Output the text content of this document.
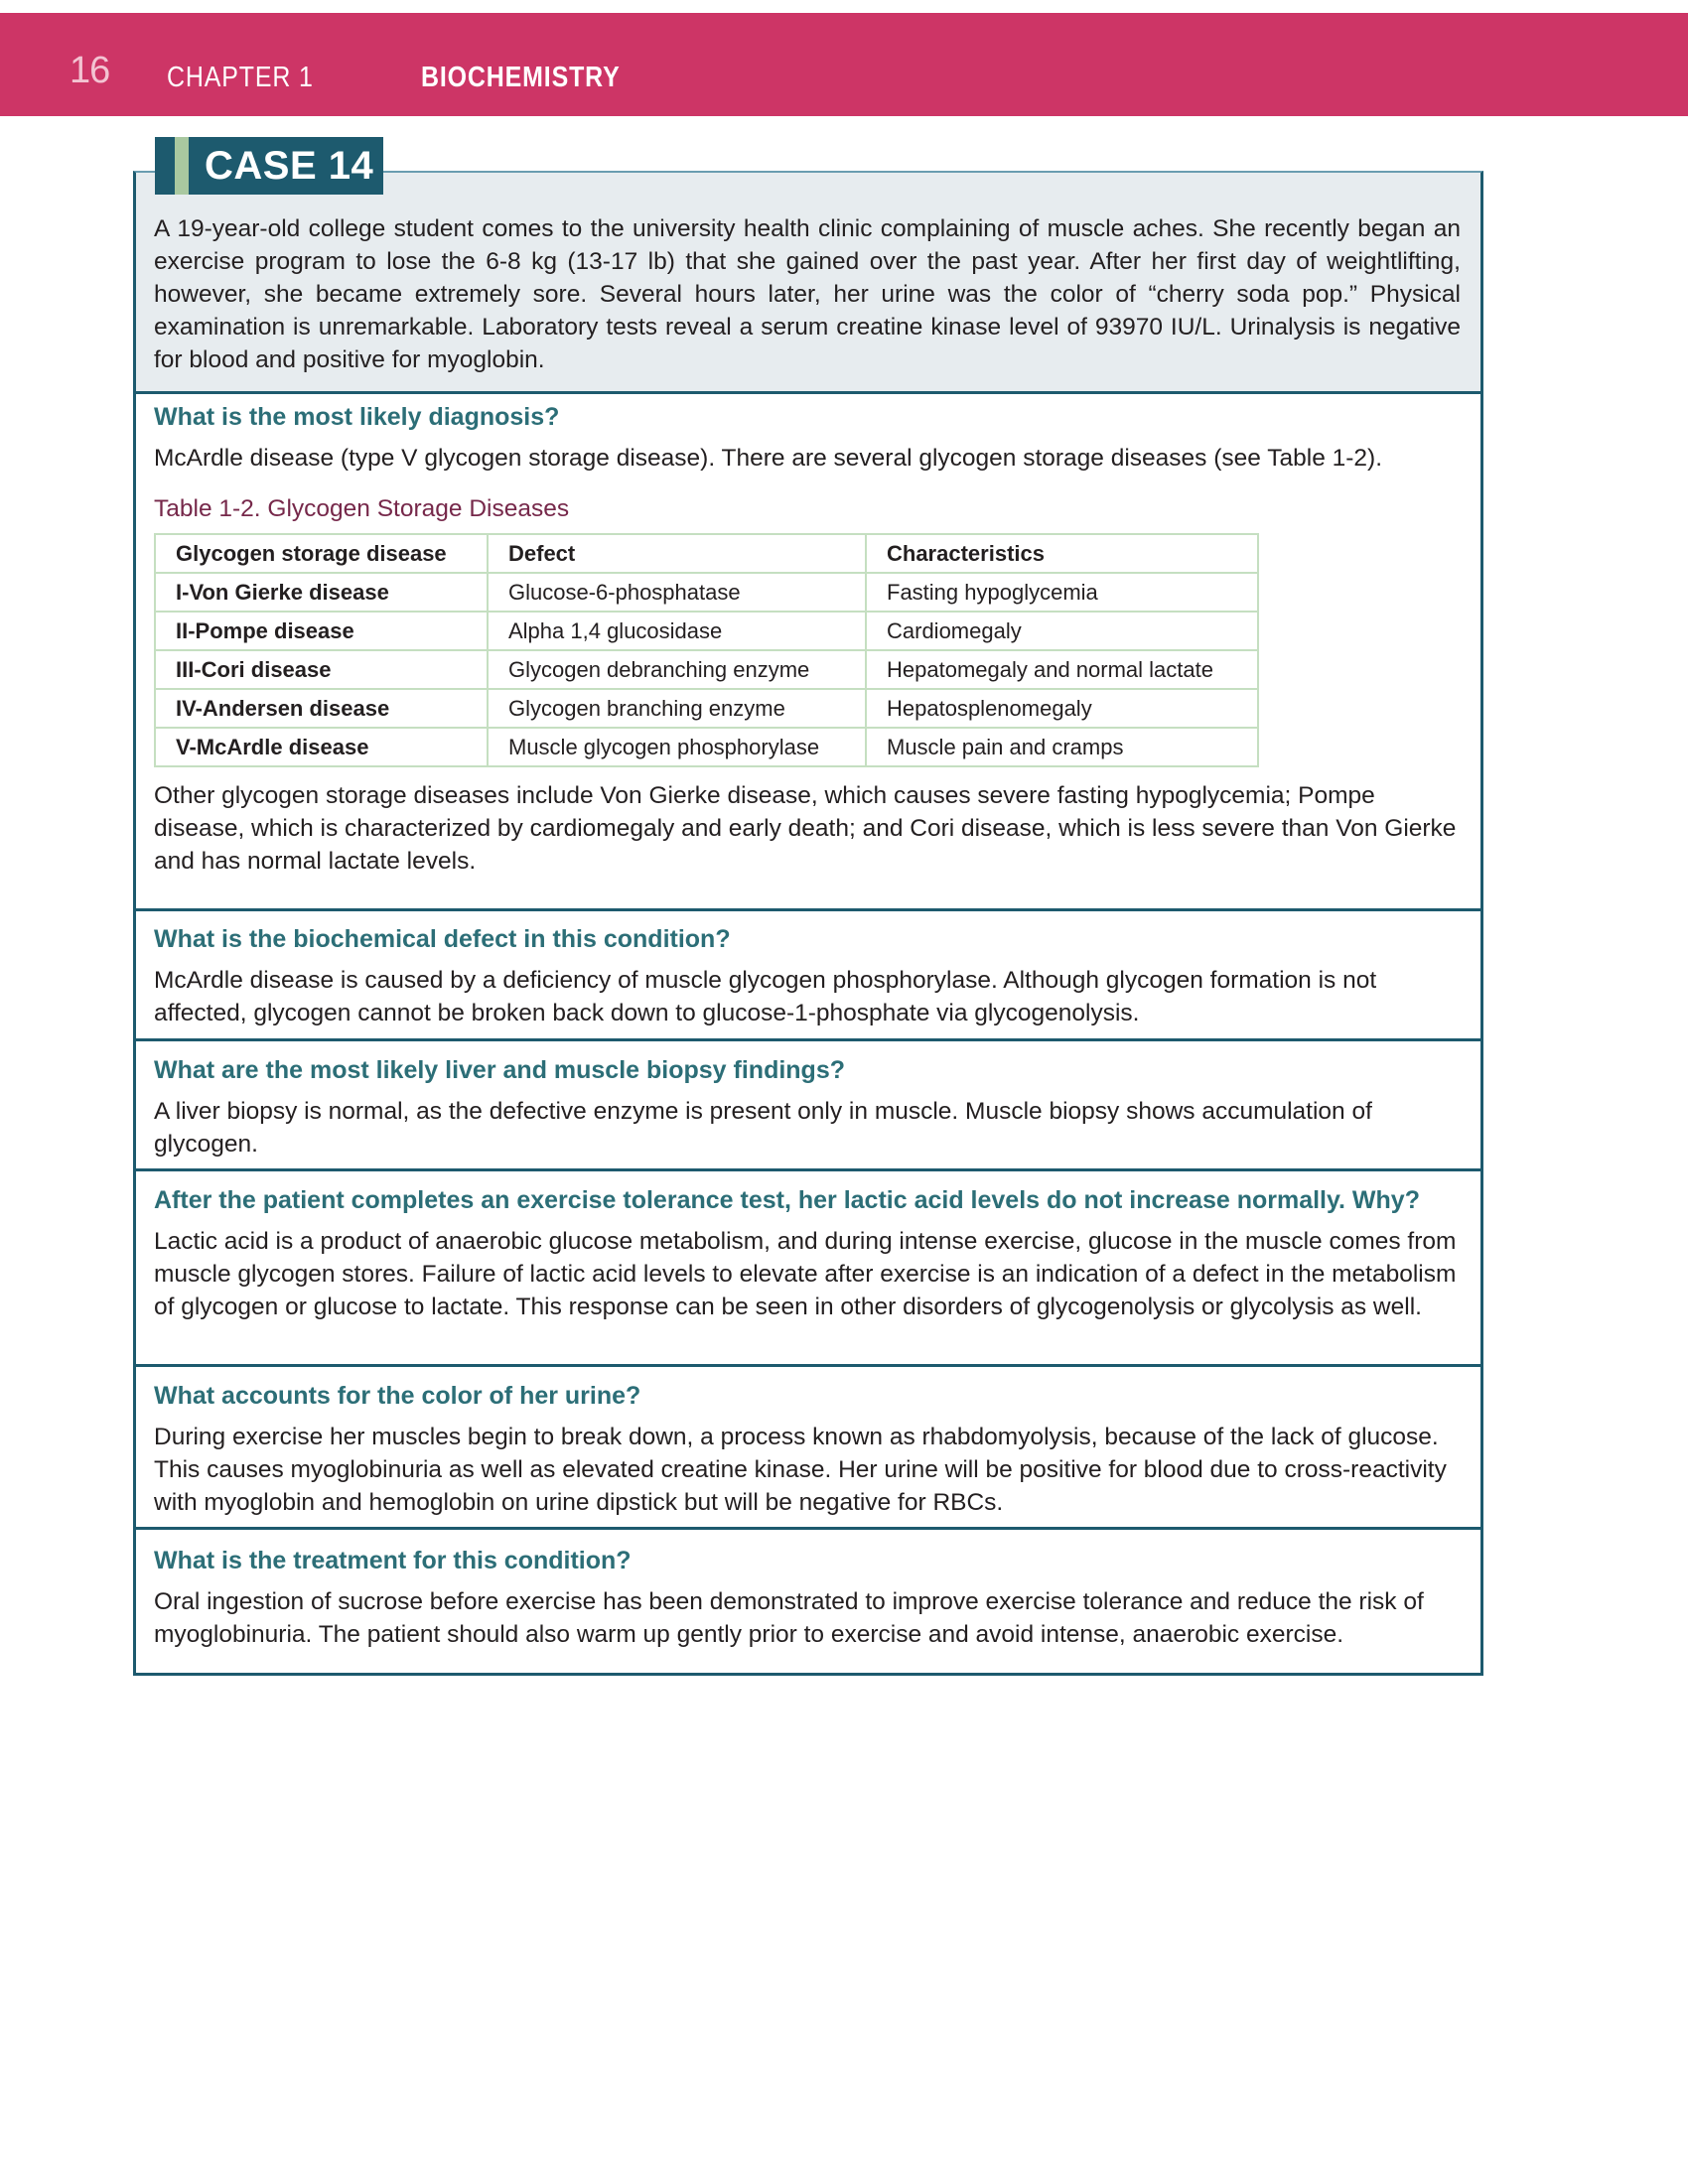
16 CHAPTER 1	BIOCHEMISTRY

A 19-year-old college student comes to the university health clinic complaining of muscle aches. She recently began an exercise program to lose the 6-8 kg (13-17 lb) that she gained over the past year. After her first day of weightlifting, however, she became extremely sore. Several hours later, her urine was the color of “cherry soda pop.” Physical examination is unremarkable. Laboratory tests reveal a serum creatine kinase level of 93970 IU/L. Urinalysis is negative for blood and positive for myoglobin.

CASE 14

What is the most likely diagnosis?

McArdle disease (type V glycogen storage disease). There are several glycogen storage diseases (see Table 1-2).

Table 1-2. Glycogen Storage Diseases

Glycogen storage disease	Defect	Characteristics
I-Von Gierke disease	Glucose-6-phosphatase	Fasting hypoglycemia
II-Pompe disease	Alpha 1,4 glucosidase	Cardiomegaly
III-Cori disease	Glycogen debranching enzyme	Hepatomegaly and normal lactate
IV-Andersen disease	Glycogen branching enzyme	Hepatosplenomegaly
V-McArdle disease	Muscle glycogen phosphorylase	Muscle pain and cramps

Other glycogen storage diseases include Von Gierke disease, which causes severe fasting hypoglycemia; Pompe disease, which is characterized by cardiomegaly and early death; and Cori disease, which is less severe than Von Gierke and has normal lactate levels.

What is the biochemical defect in this condition?

McArdle disease is caused by a deficiency of muscle glycogen phosphorylase. Although glycogen formation is not affected, glycogen cannot be broken back down to glucose-1-phosphate via glycogenolysis.

What are the most likely liver and muscle biopsy findings?

A liver biopsy is normal, as the defective enzyme is present only in muscle. Muscle biopsy shows accumulation of glycogen.

After the patient completes an exercise tolerance test, her lactic acid levels do not increase normally. Why?

Lactic acid is a product of anaerobic glucose metabolism, and during intense exercise, glucose in the muscle comes from muscle glycogen stores. Failure of lactic acid levels to elevate after exercise is an indication of a defect in the metabolism of glycogen or glucose to lactate. This response can be seen in other disorders of glycogenolysis or glycolysis as well.

What accounts for the color of her urine?

During exercise her muscles begin to break down, a process known as rhabdomyolysis, because of the lack of glucose. This causes myoglobinuria as well as elevated creatine kinase. Her urine will be positive for blood due to cross-reactivity with myoglobin and hemoglobin on urine dipstick but will be negative for RBCs.

What is the treatment for this condition?

Oral ingestion of sucrose before exercise has been demonstrated to improve exercise tolerance and reduce the risk of myoglobinuria. The patient should also warm up gently prior to exercise and avoid intense, anaerobic exercise.
